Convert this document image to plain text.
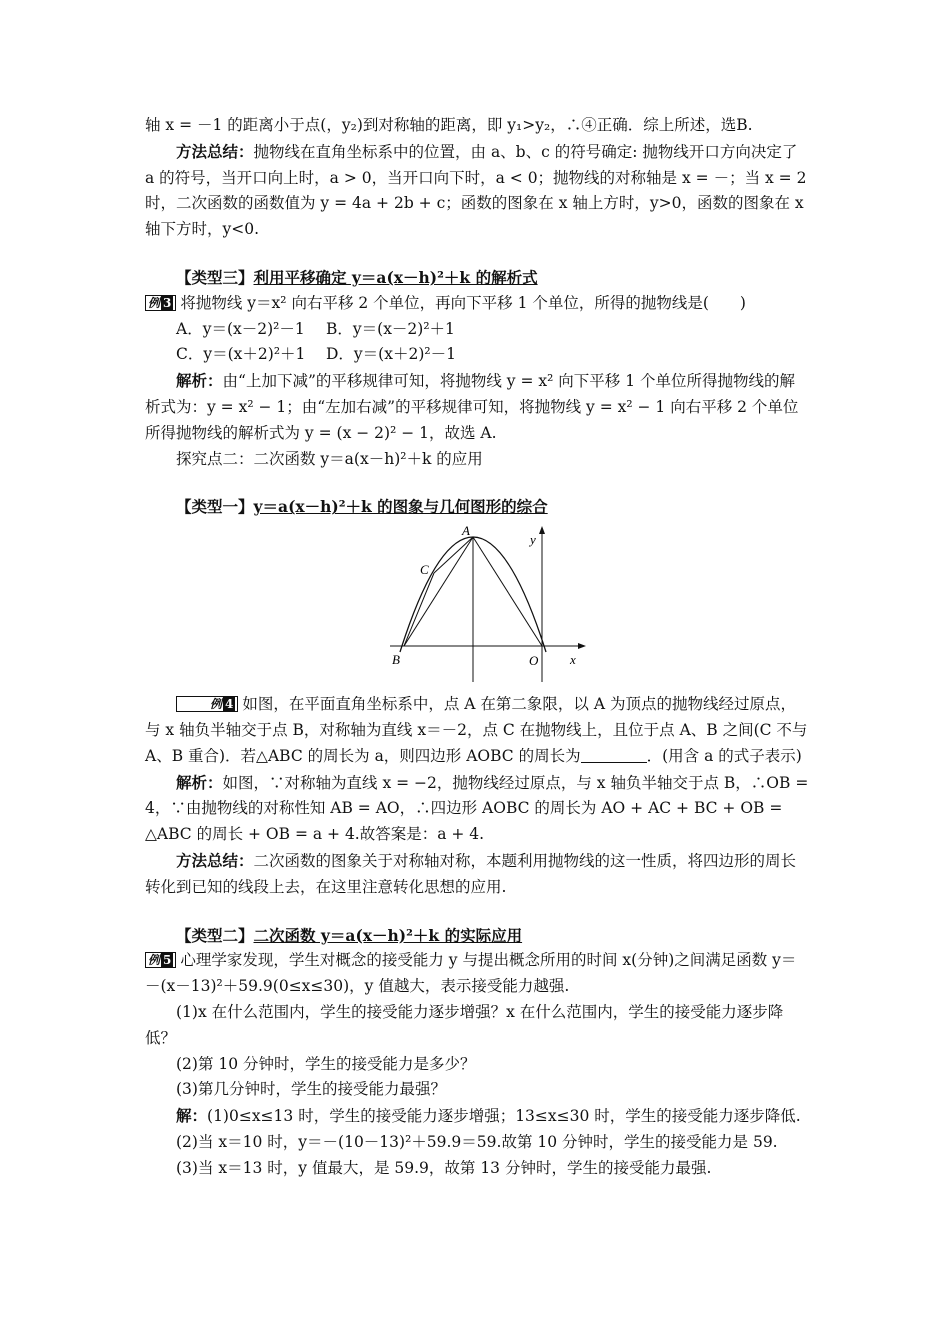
轴 x = －1 的距离小于点(，y₂)到对称轴的距离，即 y₁>y₂，∴④正确．综上所述，选B.

方法总结：抛物线在直角坐标系中的位置，由 a、b、c 的符号确定: 抛物线开口方向决定了 a 的符号，当开口向上时，a > 0，当开口向下时，a < 0；抛物线的对称轴是 x = －；当 x = 2 时，二次函数的函数值为 y = 4a + 2b + c；函数的图象在 x 轴上方时，y>0，函数的图象在 x 轴下方时，y<0.

【类型三】利用平移确定 y＝a(x－h)²＋k 的解析式

例 3 将抛物线 y＝x² 向右平移 2 个单位，再向下平移 1 个单位，所得的抛物线是(　　)

A．y＝(x－2)²－1 B．y＝(x－2)²＋1

C．y＝(x＋2)²＋1 D．y＝(x＋2)²－1

解析：由“上加下减”的平移规律可知，将抛物线 y = x² 向下平移 1 个单位所得抛物线的解析式为：y = x² − 1；由“左加右减”的平移规律可知，将抛物线 y = x² − 1 向右平移 2 个单位所得抛物线的解析式为 y = (x − 2)² − 1，故选 A.

探究点二：二次函数 y＝a(x－h)²＋k 的应用

【类型一】y＝a(x－h)²＋k 的图象与几何图形的综合

A
B
C
O x
y

例 4 如图，在平面直角坐标系中，点 A 在第二象限，以 A 为顶点的抛物线经过原点，与 x 轴负半轴交于点 B，对称轴为直线 x＝－2，点 C 在抛物线上，且位于点 A、B 之间(C 不与 A、B 重合)．若△ABC 的周长为 a，则四边形 AOBC 的周长为	．(用含 a 的式子表示)

解析：如图，∵对称轴为直线 x = −2，抛物线经过原点，与 x 轴负半轴交于点 B，∴OB = 4，∵由抛物线的对称性知 AB = AO，∴四边形 AOBC 的周长为 AO + AC + BC + OB = △ABC 的周长 + OB = a + 4.故答案是：a + 4.

方法总结：二次函数的图象关于对称轴对称，本题利用抛物线的这一性质，将四边形的周长转化到已知的线段上去，在这里注意转化思想的应用.

【类型二】二次函数 y＝a(x－h)²＋k 的实际应用

例 5 心理学家发现，学生对概念的接受能力 y 与提出概念所用的时间 x(分钟)之间满足函数 y＝－(x－13)²＋59.9(0≤x≤30)，y 值越大，表示接受能力越强.

(1)x 在什么范围内，学生的接受能力逐步增强？x 在什么范围内，学生的接受能力逐步降低？

(2)第 10 分钟时，学生的接受能力是多少？

(3)第几分钟时，学生的接受能力最强？

解：(1)0≤x≤13 时，学生的接受能力逐步增强；13≤x≤30 时，学生的接受能力逐步降低.

(2)当 x＝10 时，y＝－(10－13)²＋59.9＝59.故第 10 分钟时，学生的接受能力是 59.

(3)当 x＝13 时，y 值最大，是 59.9，故第 13 分钟时，学生的接受能力最强.
